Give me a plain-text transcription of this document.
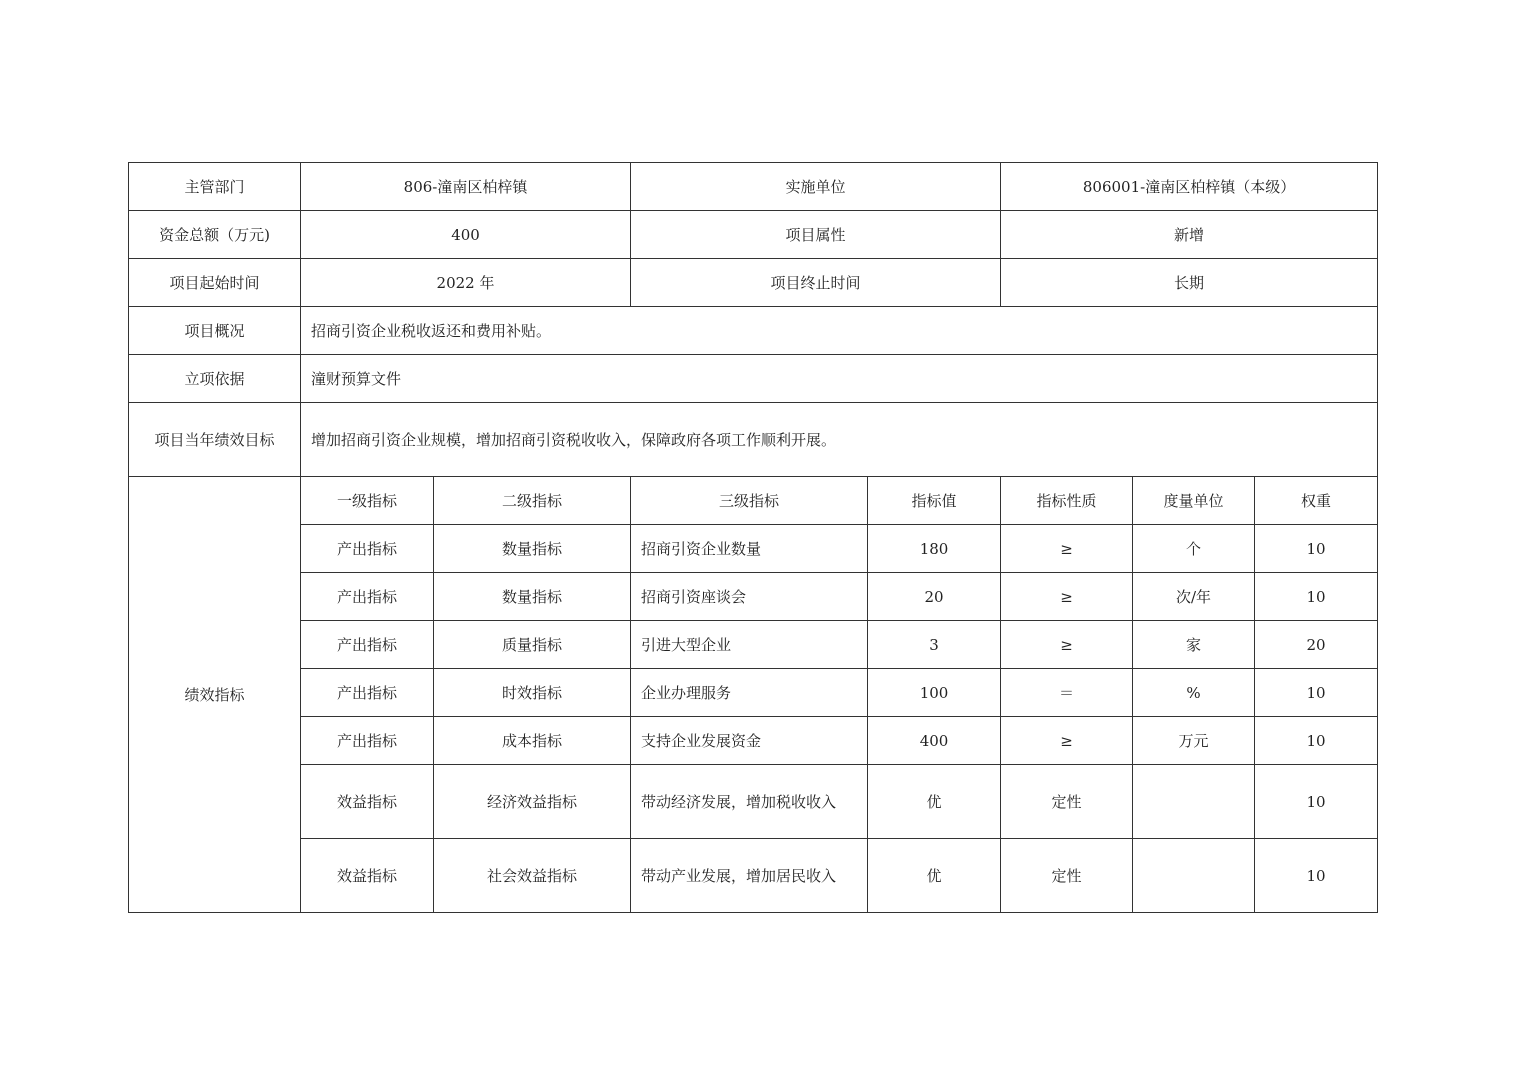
主管部门	806-潼南区柏梓镇		实施单位		806001-潼南区柏梓镇（本级）		
资金总额（万元)	400		项目属性		新增		
项目起始时间	2022 年		项目终止时间		长期		
项目概况	招商引资企业税收返还和费用补贴。						
立项依据	潼财预算文件						
项目当年绩效目标	增加招商引资企业规模，增加招商引资税收收入，保障政府各项工作顺利开展。						
绩效指标	一级指标	二级指标	三级指标	指标值	指标性质	度量单位	权重
	产出指标	数量指标	招商引资企业数量	180	≥	个	10
	产出指标	数量指标	招商引资座谈会	20	≥	次/年	10
	产出指标	质量指标	引进大型企业	3	≥	家	20
	产出指标	时效指标	企业办理服务	100	＝	%	10
	产出指标	成本指标	支持企业发展资金	400	≥	万元	10
	效益指标	经济效益指标	带动经济发展，增加税收收入	优	定性		10
	效益指标	社会效益指标	带动产业发展，增加居民收入	优	定性		10
